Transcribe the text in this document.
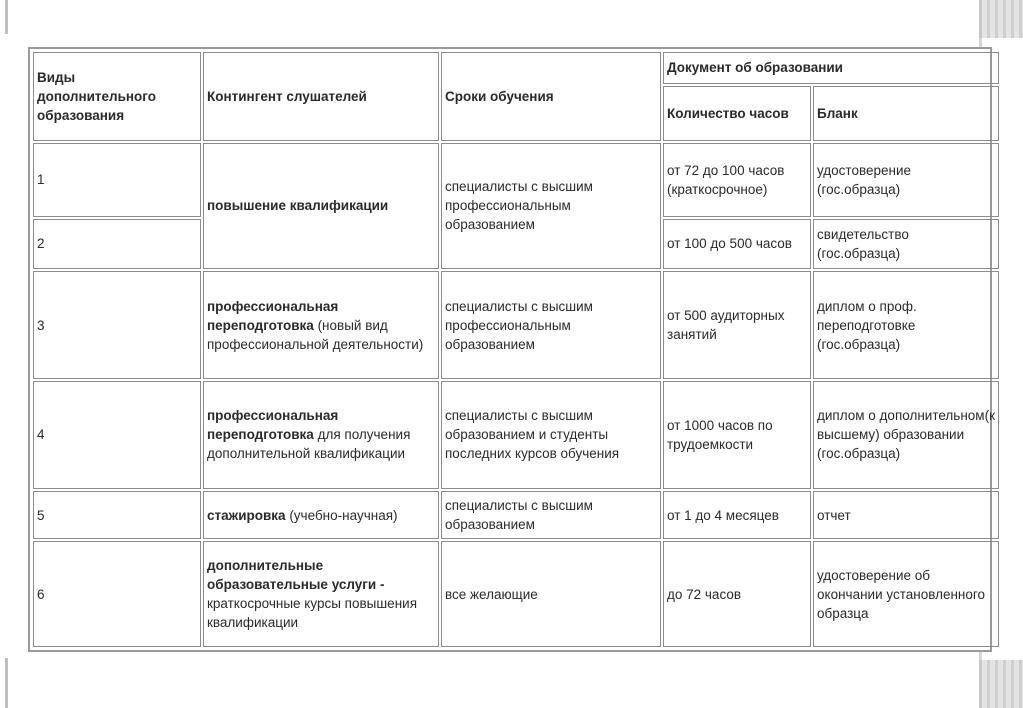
Виды дополнительного образования	Контингент слушателей	Сроки обучения	Документ об образовании	
			Количество часов	Бланк
1	повышение квалификации	специалисты с высшим профессиональным образованием	от 72 до 100 часов (краткосрочное)	удостоверение (гос.образца)
2			от 100 до 500 часов	свидетельство (гос.образца)
3	профессиональная переподготовка (новый вид профессиональной деятельности)	специалисты с высшим профессиональным образованием	от 500 аудиторных занятий	диплом о проф. переподготовке (гос.образца)
4	профессиональная переподготовка для получения дополнительной квалификации	специалисты с высшим образованием и студенты последних курсов обучения	от 1000 часов по трудоемкости	диплом о дополнительном(к высшему) образовании (гос.образца)
5	стажировка (учебно-научная)	специалисты с высшим образованием	от 1 до 4 месяцев	отчет
6	дополнительные образовательные услуги - краткосрочные курсы повышения квалификации	все желающие	до 72 часов	удостоверение об окончании установленного образца
